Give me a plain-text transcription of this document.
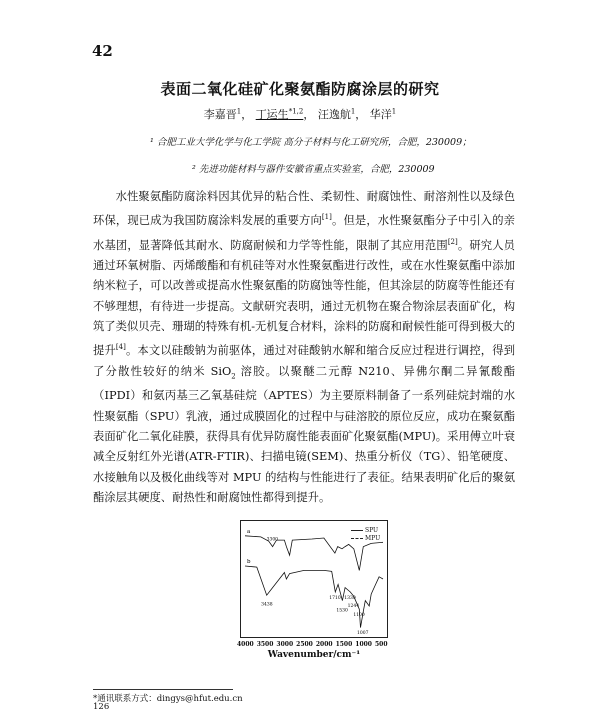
42
表面二氧化硅矿化聚氨酯防腐涂层的研究
李嘉晋$^1$， 丁运生$^{*1,2}$， 汪逸航$^1$， 华洋$^1$
¹ 合肥工业大学化学与化工学院 高分子材料与化工研究所，合肥，230009；
² 先进功能材料与器件安徽省重点实验室，合肥，230009

水性聚氨酯防腐涂料因其优异的粘合性、柔韧性、耐腐蚀性、耐溶剂性以及绿色环保，现已成为我国防腐涂料发展的重要方向[1]。但是，水性聚氨酯分子中引入的亲水基团，显著降低其耐水、防腐耐候和力学等性能，限制了其应用范围[2]。研究人员通过环氧树脂、丙烯酸酯和有机硅等对水性聚氨酯进行改性，或在水性聚氨酯中添加纳米粒子，可以改善或提高水性聚氨酯的防腐蚀等性能，但其涂层的防腐等性能还有不够理想，有待进一步提高。文献研究表明，通过无机物在聚合物涂层表面矿化，构筑了类似贝壳、珊瑚的特殊有机-无机复合材料，涂料的防腐和耐候性能可得到极大的提升[4]。本文以硅酸钠为前驱体，通过对硅酸钠水解和缩合反应过程进行调控，得到了分散性较好的纳米 SiO$_2$ 溶胶。以聚醚二元醇 N210、异佛尔酮二异氰酸酯（IPDI）和氨丙基三乙氧基硅烷（APTES）为主要原料制备了一系列硅烷封端的水性聚氨酯（SPU）乳液，通过成膜固化的过程中与硅溶胶的原位反应，成功在聚氨酯表面矿化二氧化硅膜，获得具有优异防腐性能表面矿化聚氨酯(MPU)。采用傅立叶衰减全反射红外光谱(ATR-FTIR)、扫描电镜(SEM)、热重分析仪（TG）、铅笔硬度、水接触角以及极化曲线等对 MPU 的结构与性能进行了表征。结果表明矿化后的聚氨酯涂层其硬度、耐热性和耐腐蚀性都得到提升。

a
b
3300
3438
1710
1530
1330
1244
1100
1007
SPU
MPU
4000 3500 3000 2500 2000 1500 1000 500
Wavenumber/cm⁻¹
*通讯联系方式：dingys@hfut.edu.cn
126
